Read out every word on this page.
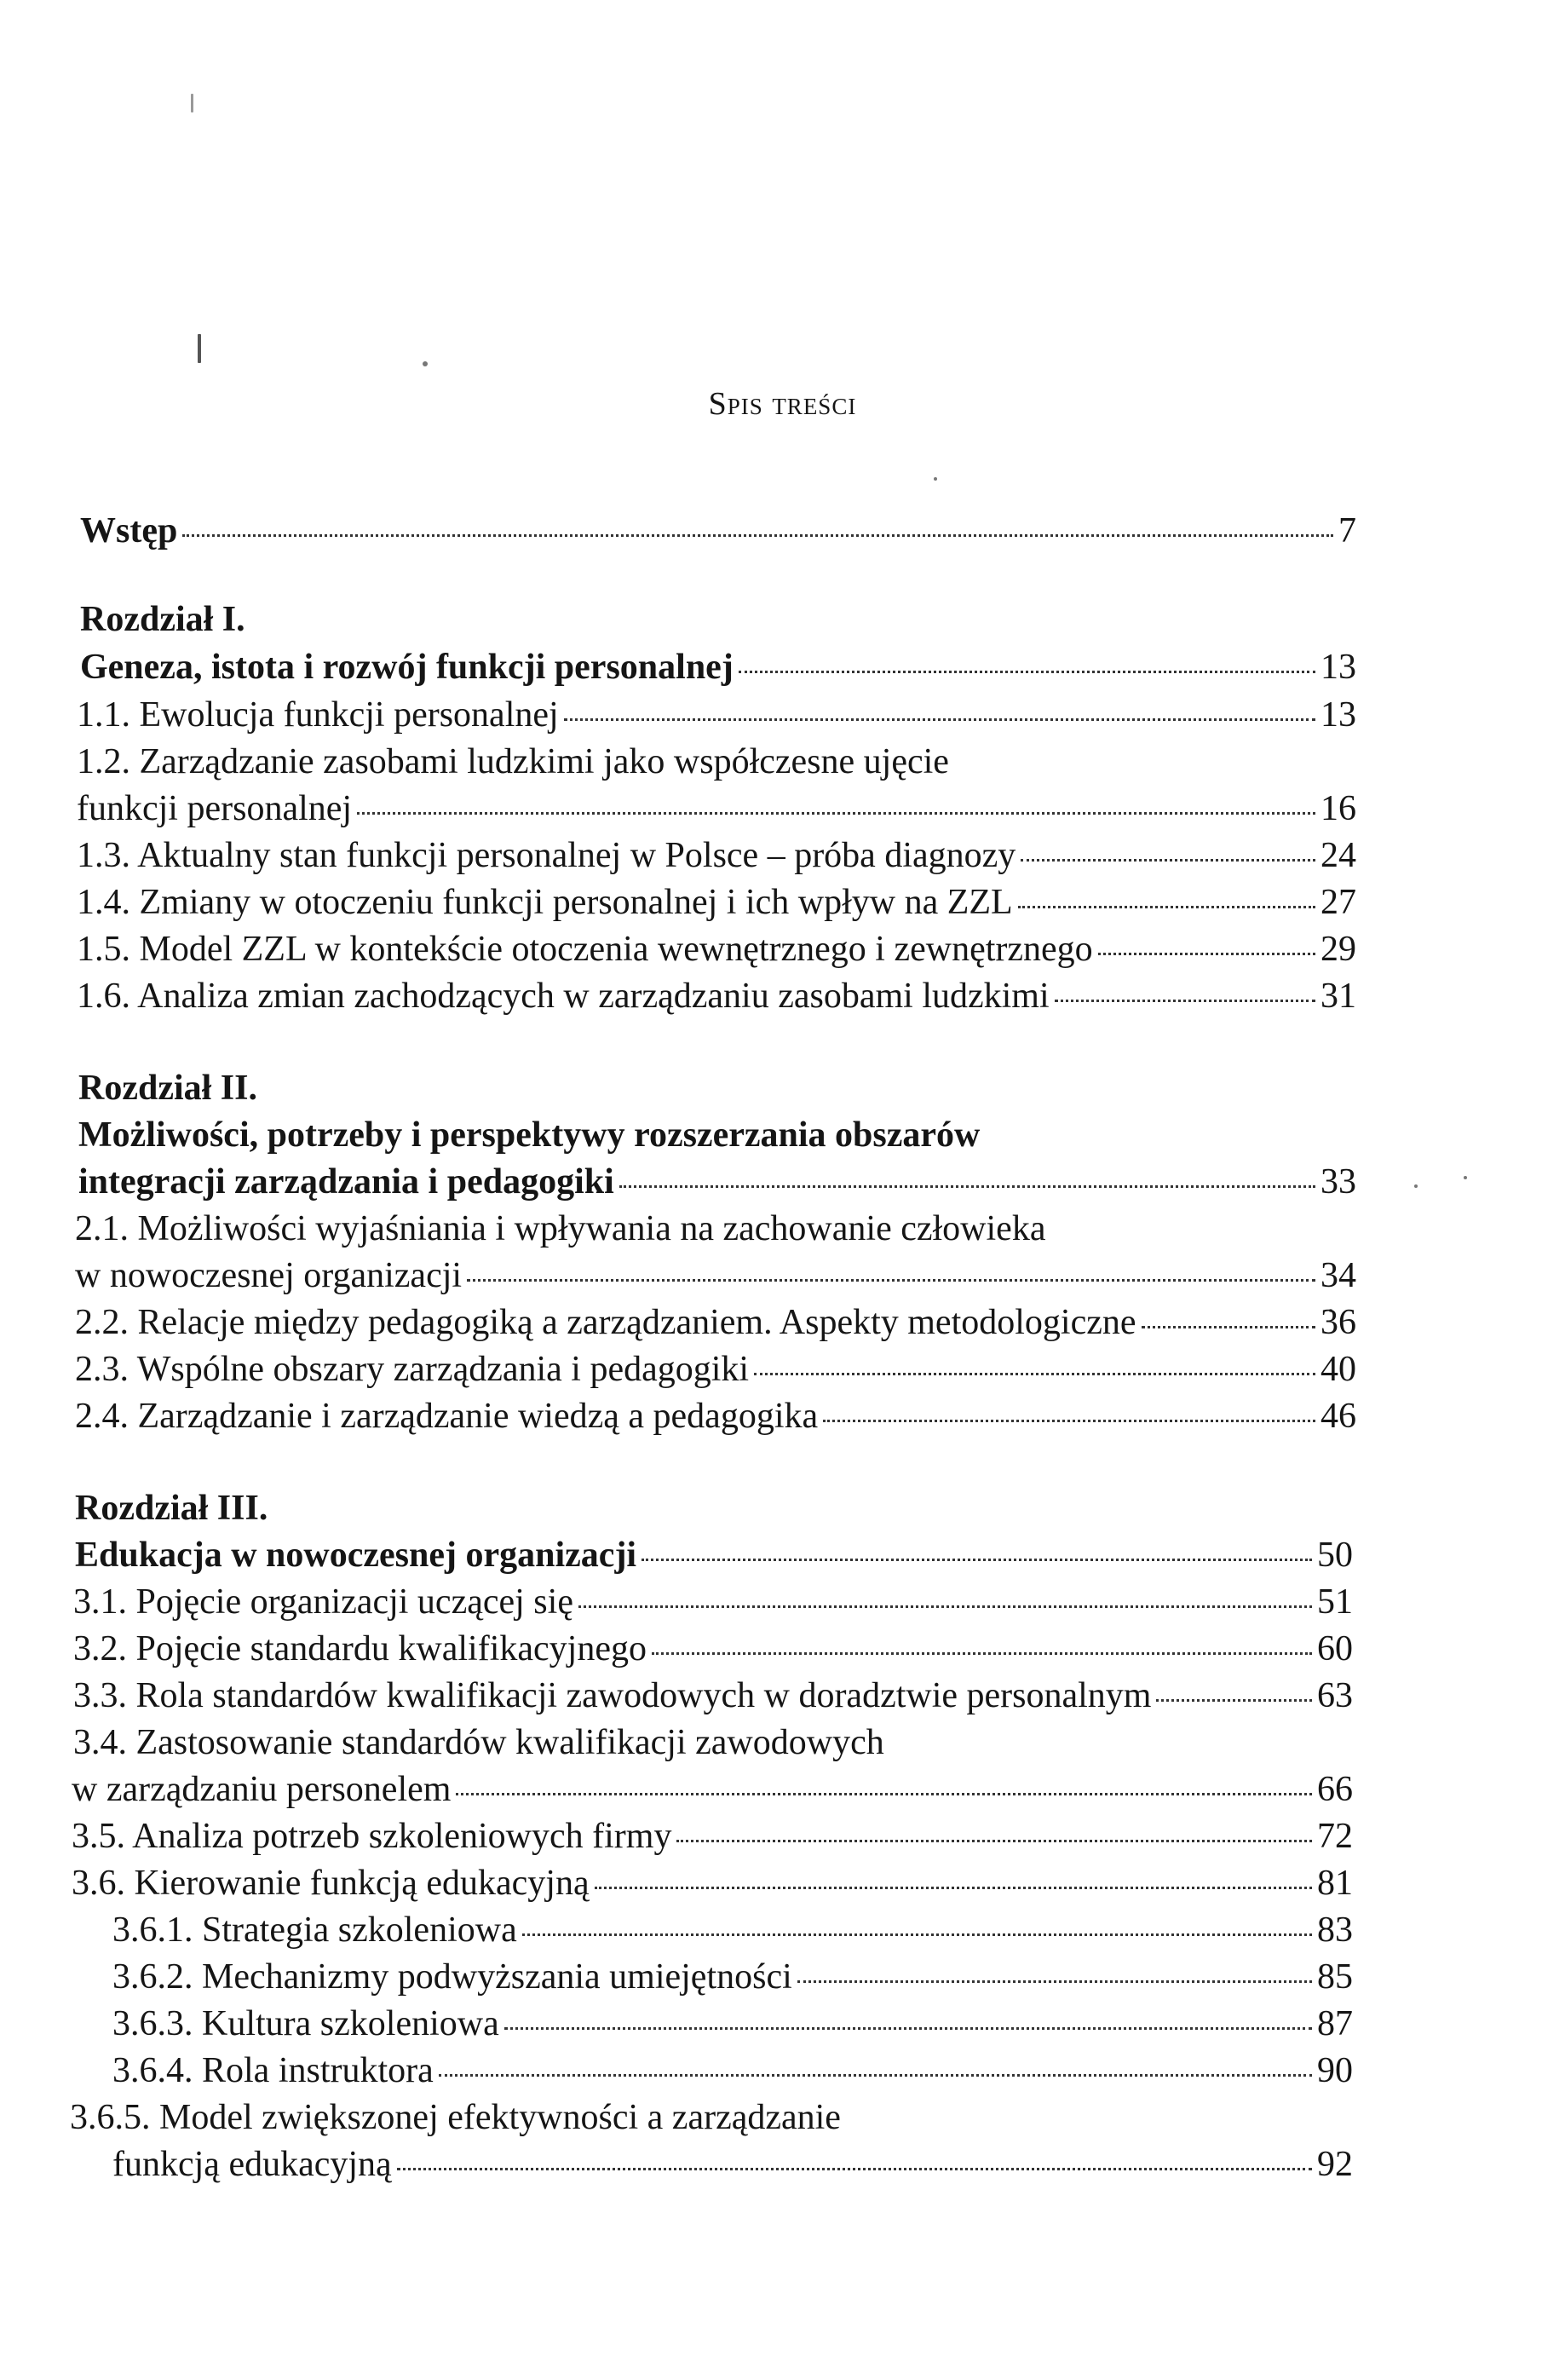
Spis treści
Wstęp	7
Rozdział I.
Geneza, istota i rozwój funkcji personalnej	13
1.1. Ewolucja funkcji personalnej	13
1.2. Zarządzanie zasobami ludzkimi jako współczesne ujęcie
funkcji personalnej	16
1.3. Aktualny stan funkcji personalnej w Polsce – próba diagnozy	24
1.4. Zmiany w otoczeniu funkcji personalnej i ich wpływ na ZZL	27
1.5. Model ZZL w kontekście otoczenia wewnętrznego i zewnętrznego	29
1.6. Analiza zmian zachodzących w zarządzaniu zasobami ludzkimi	31
Rozdział II.
Możliwości, potrzeby i perspektywy rozszerzania obszarów
integracji zarządzania i pedagogiki	33
2.1. Możliwości wyjaśniania i wpływania na zachowanie człowieka
w nowoczesnej organizacji	34
2.2. Relacje między pedagogiką a zarządzaniem. Aspekty metodologiczne	36
2.3. Wspólne obszary zarządzania i pedagogiki	40
2.4. Zarządzanie i zarządzanie wiedzą a pedagogika	46
Rozdział III.
Edukacja w nowoczesnej organizacji	50
3.1. Pojęcie organizacji uczącej się	51
3.2. Pojęcie standardu kwalifikacyjnego	60
3.3. Rola standardów kwalifikacji zawodowych w doradztwie personalnym	63
3.4. Zastosowanie standardów kwalifikacji zawodowych
w zarządzaniu personelem	66
3.5. Analiza potrzeb szkoleniowych firmy	72
3.6. Kierowanie funkcją edukacyjną	81
3.6.1. Strategia szkoleniowa	83
3.6.2. Mechanizmy podwyższania umiejętności	85
3.6.3. Kultura szkoleniowa	87
3.6.4. Rola instruktora	90
3.6.5. Model zwiększonej efektywności a zarządzanie
funkcją edukacyjną	92
